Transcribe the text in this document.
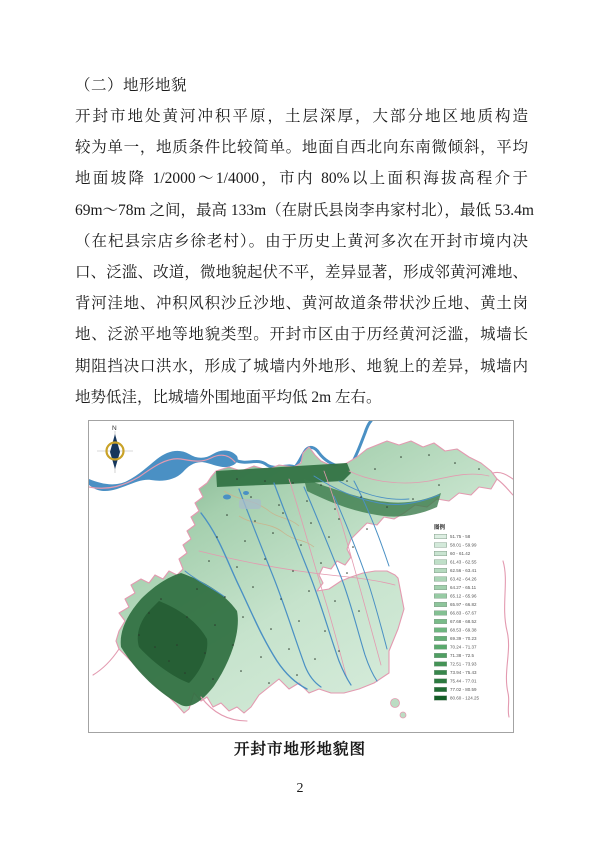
（二）地形地貌
开封市地处黄河冲积平原，土层深厚，大部分地区地质构造
较为单一，地质条件比较简单。地面自西北向东南微倾斜，平均
地面坡降 1/2000～1/4000，市内 80%以上面积海拔高程介于
69m～78m 之间，最高 133m（在尉氏县岗李冉家村北），最低 53.4m
（在杞县宗店乡徐老村）。由于历史上黄河多次在开封市境内决
口、泛滥、改道，微地貌起伏不平，差异显著，形成邻黄河滩地、
背河洼地、冲积风积沙丘沙地、黄河故道条带状沙丘地、黄土岗
地、泛淤平地等地貌类型。开封市区由于历经黄河泛滥，城墙长
期阻挡决口洪水，形成了城墙内外地形、地貌上的差异，城墙内
地势低洼，比城墙外围地面平均低 2m 左右。
N
图例
51.75 - 58
58.01 - 59.99
60 - 61.42
61.43 - 62.55
62.56 - 63.41
63.42 - 64.26
64.27 - 65.11
65.12 - 65.96
65.97 - 66.82
66.83 - 67.67
67.68 - 68.52
68.53 - 69.38
69.39 - 70.23
70.24 - 71.37
71.38 - 72.5
72.51 - 73.93
73.94 - 75.43
75.44 - 77.01
77.02 - 80.59
80.60 - 124.25
开封市地形地貌图
2
